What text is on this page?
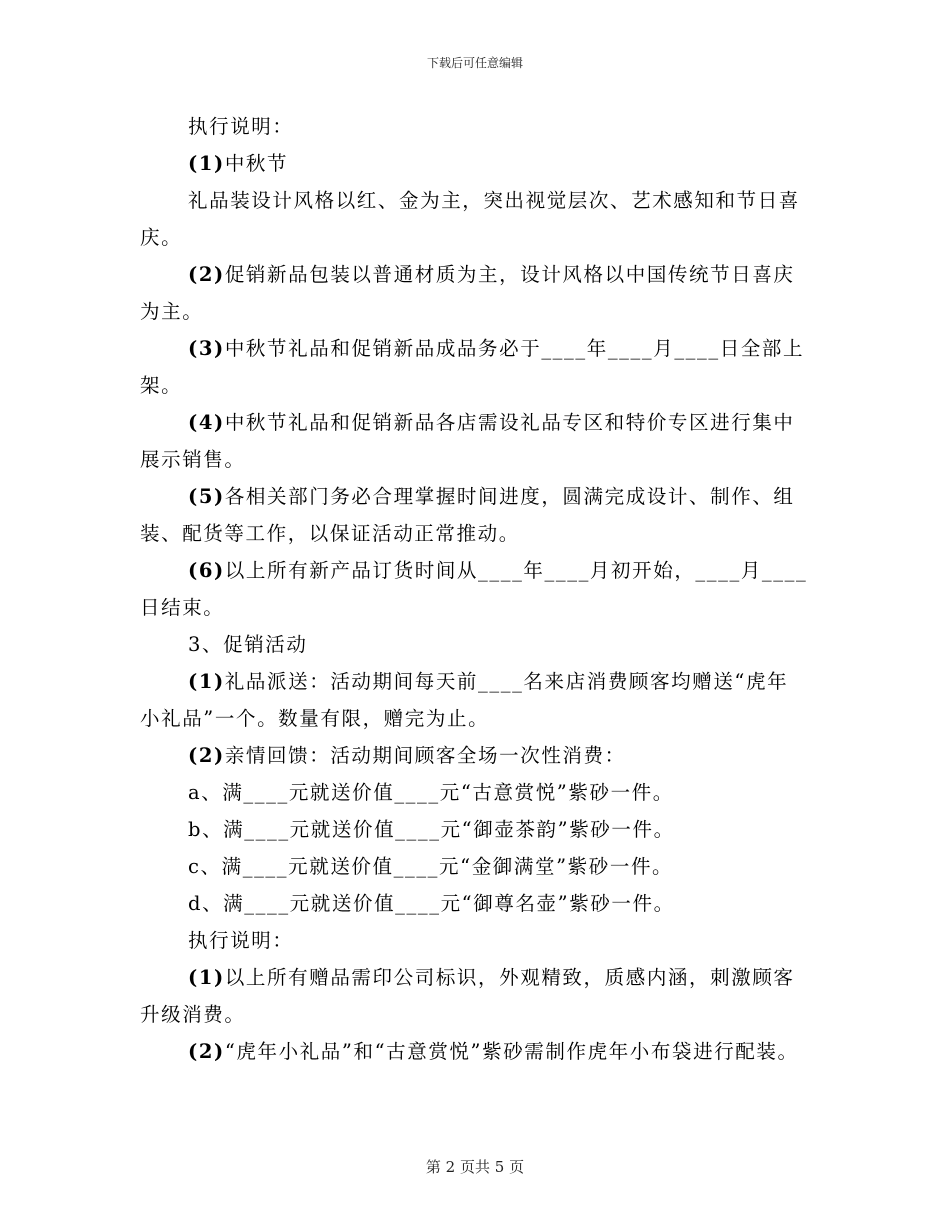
下载后可任意编辑

执行说明：

(1)中秋节

礼品装设计风格以红、金为主，突出视觉层次、艺术感知和节日喜庆。

(2)促销新品包装以普通材质为主，设计风格以中国传统节日喜庆为主。

(3)中秋节礼品和促销新品成品务必于____年____月____日全部上架。

(4)中秋节礼品和促销新品各店需设礼品专区和特价专区进行集中展示销售。

(5)各相关部门务必合理掌握时间进度，圆满完成设计、制作、组装、配货等工作，以保证活动正常推动。

(6)以上所有新产品订货时间从____年____月初开始，____月____日结束。

3、促销活动

(1)礼品派送：活动期间每天前____名来店消费顾客均赠送“虎年小礼品”一个。数量有限，赠完为止。

(2)亲情回馈：活动期间顾客全场一次性消费：

a、满____元就送价值____元“古意赏悦”紫砂一件。

b、满____元就送价值____元“御壶茶韵”紫砂一件。

c、满____元就送价值____元“金御满堂”紫砂一件。

d、满____元就送价值____元“御尊名壶”紫砂一件。

执行说明：

(1)以上所有赠品需印公司标识，外观精致，质感内涵，刺激顾客升级消费。

(2)“虎年小礼品”和“古意赏悦”紫砂需制作虎年小布袋进行配装。

第 2 页共 5 页
